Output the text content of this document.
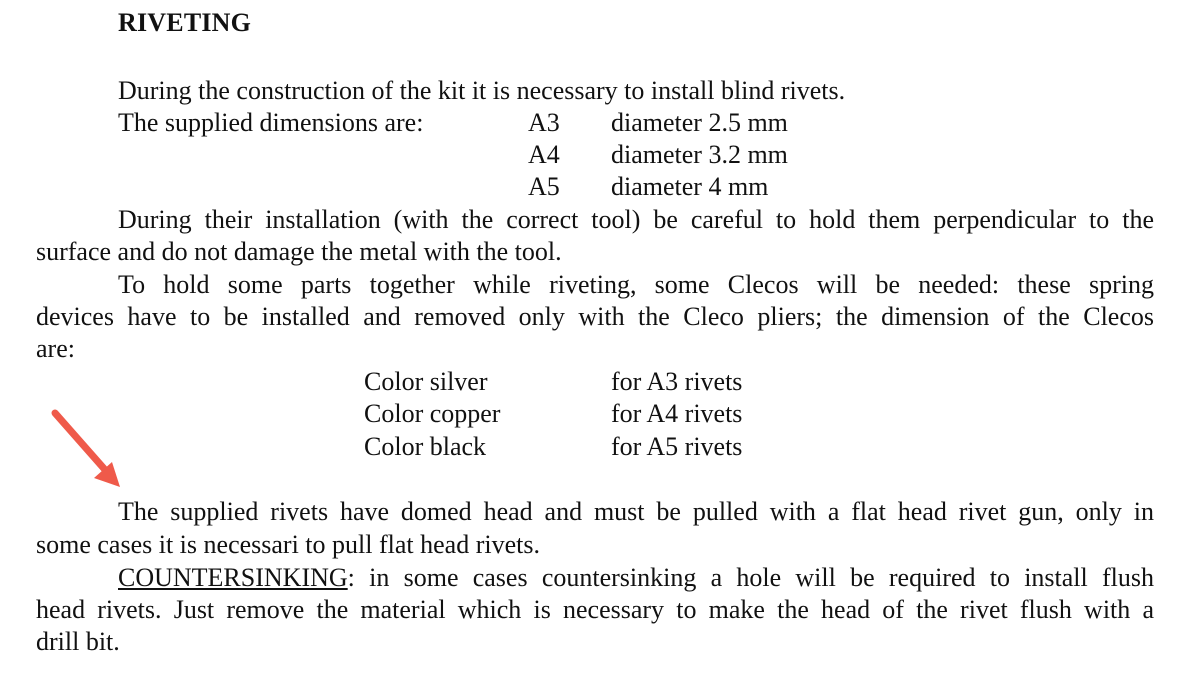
RIVETING
During the construction of the kit it is necessary to install blind rivets.
The supplied dimensions are:	A3 diameter 2.5 mm
A4 diameter 3.2 mm
A5 diameter 4 mm
During their installation (with the correct tool) be careful to hold them perpendicular to the
surface and do not damage the metal with the tool.
To hold some parts together while riveting, some Clecos will be needed: these spring
devices have to be installed and removed only with the Cleco pliers; the dimension of the Clecos
are:
Color silver	for A3 rivets
Color copper	for A4 rivets
Color black	for A5 rivets
The supplied rivets have domed head and must be pulled with a flat head rivet gun, only in
some cases it is necessari to pull flat head rivets.
COUNTERSINKING: in some cases countersinking a hole will be required to install flush
head rivets. Just remove the material which is necessary to make the head of the rivet flush with a
drill bit.
